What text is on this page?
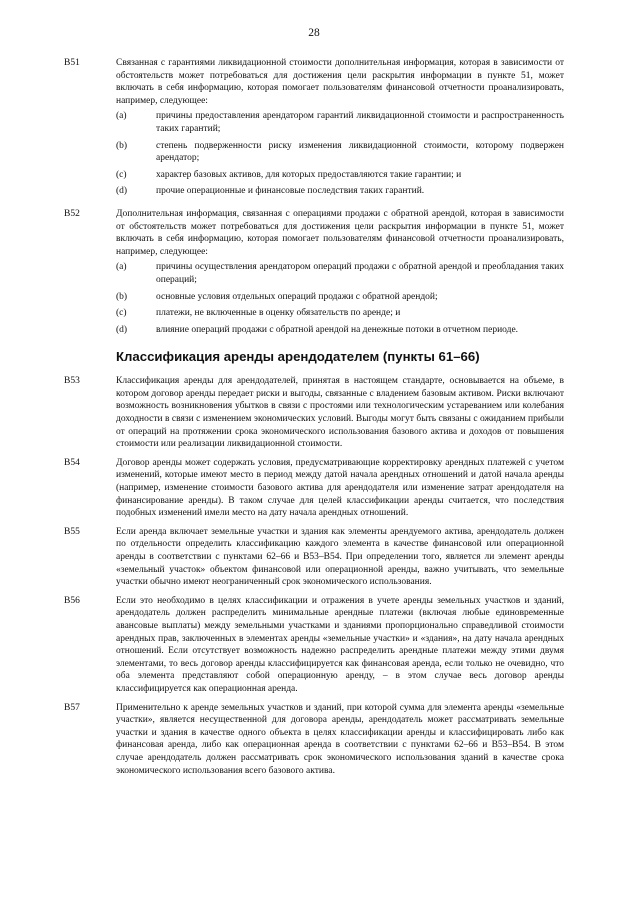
28
B51	Связанная с гарантиями ликвидационной стоимости дополнительная информация, которая в зависимости от обстоятельств может потребоваться для достижения цели раскрытия информации в пункте 51, может включать в себя информацию, которая помогает пользователям финансовой отчетности проанализировать, например, следующее:

(a)	причины предоставления арендатором гарантий ликвидационной стоимости и распространенность таких гарантий;
(b)	степень подверженности риску изменения ликвидационной стоимости, которому подвержен арендатор;
(c)	характер базовых активов, для которых предоставляются такие гарантии; и
(d)	прочие операционные и финансовые последствия таких гарантий.
B52	Дополнительная информация, связанная с операциями продажи с обратной арендой, которая в зависимости от обстоятельств может потребоваться для достижения цели раскрытия информации в пункте 51, может включать в себя информацию, которая помогает пользователям финансовой отчетности проанализировать, например, следующее:

(a)	причины осуществления арендатором операций продажи с обратной арендой и преобладания таких операций;
(b)	основные условия отдельных операций продажи с обратной арендой;
(c)	платежи, не включенные в оценку обязательств по аренде; и
(d)	влияние операций продажи с обратной арендой на денежные потоки в отчетном периоде.
Классификация аренды арендодателем (пункты 61–66)
B53	Классификация аренды для арендодателей, принятая в настоящем стандарте, основывается на объеме, в котором договор аренды передает риски и выгоды, связанные с владением базовым активом. Риски включают возможность возникновения убытков в связи с простоями или технологическим устареванием или колебания доходности в связи с изменением экономических условий. Выгоды могут быть связаны с ожиданием прибыли от операций на протяжении срока экономического использования базового актива и доходов от повышения стоимости или реализации ликвидационной стоимости.

B54	Договор аренды может содержать условия, предусматривающие корректировку арендных платежей с учетом изменений, которые имеют место в период между датой начала арендных отношений и датой начала аренды (например, изменение стоимости базового актива для арендодателя или изменение затрат арендодателя на финансирование аренды). В таком случае для целей классификации аренды считается, что последствия подобных изменений имели место на дату начала арендных отношений.

B55	Если аренда включает земельные участки и здания как элементы арендуемого актива, арендодатель должен по отдельности определить классификацию каждого элемента в качестве финансовой или операционной аренды в соответствии с пунктами 62–66 и B53–B54. При определении того, является ли элемент аренды «земельный участок» объектом финансовой или операционной аренды, важно учитывать, что земельные участки обычно имеют неограниченный срок экономического использования.

B56	Если это необходимо в целях классификации и отражения в учете аренды земельных участков и зданий, арендодатель должен распределить минимальные арендные платежи (включая любые единовременные авансовые выплаты) между земельными участками и зданиями пропорционально справедливой стоимости арендных прав, заключенных в элементах аренды «земельные участки» и «здания», на дату начала арендных отношений. Если отсутствует возможность надежно распределить арендные платежи между этими двумя элементами, то весь договор аренды классифицируется как финансовая аренда, если только не очевидно, что оба элемента представляют собой операционную аренду, – в этом случае весь договор аренды классифицируется как операционная аренда.

B57	Применительно к аренде земельных участков и зданий, при которой сумма для элемента аренды «земельные участки», является несущественной для договора аренды, арендодатель может рассматривать земельные участки и здания в качестве одного объекта в целях классификации аренды и классифицировать либо как финансовая аренда, либо как операционная аренда в соответствии с пунктами 62–66 и B53–B54. В этом случае арендодатель должен рассматривать срок экономического использования зданий в качестве срока экономического использования всего базового актива.
